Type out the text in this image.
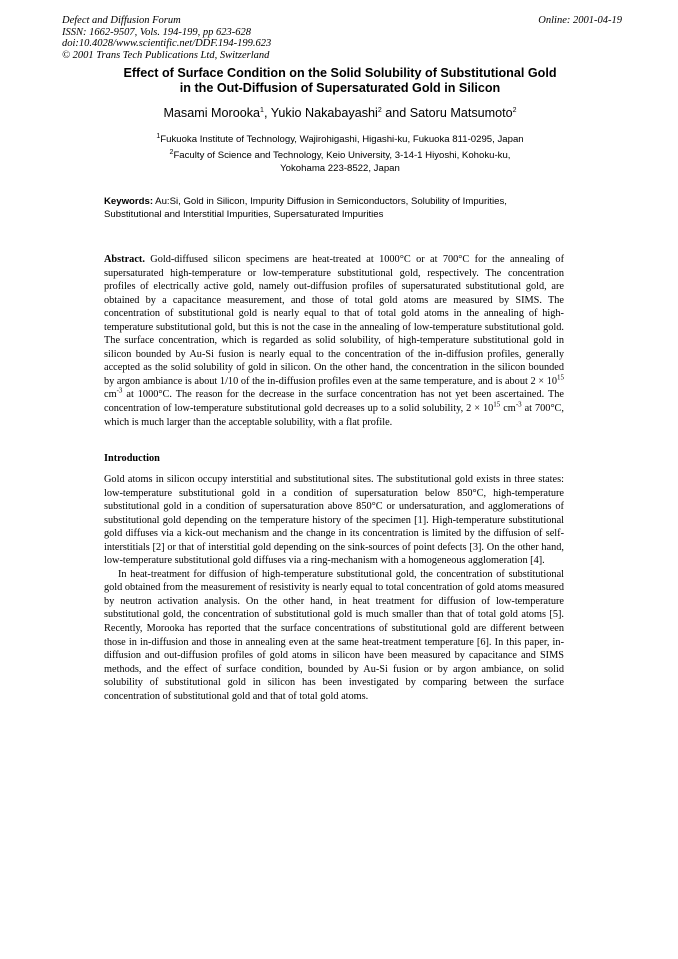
Defect and Diffusion Forum
ISSN: 1662-9507, Vols. 194-199, pp 623-628
doi:10.4028/www.scientific.net/DDF.194-199.623
© 2001 Trans Tech Publications Ltd, Switzerland
Online: 2001-04-19
Effect of Surface Condition on the Solid Solubility of Substitutional Gold
in the Out-Diffusion of Supersaturated Gold in Silicon
Masami Morooka$^1$, Yukio Nakabayashi$^2$ and Satoru Matsumoto$^2$
$^1$Fukuoka Institute of Technology, Wajirohigashi, Higashi-ku, Fukuoka 811-0295, Japan
$^2$Faculty of Science and Technology, Keio University, 3-14-1 Hiyoshi, Kohoku-ku,
Yokohama 223-8522, Japan
Keywords: Au:Si, Gold in Silicon, Impurity Diffusion in Semiconductors, Solubility of Impurities, Substitutional and Interstitial Impurities, Supersaturated Impurities
Abstract. Gold-diffused silicon specimens are heat-treated at 1000°C or at 700°C for the annealing of supersaturated high-temperature or low-temperature substitutional gold, respectively. The concentration profiles of electrically active gold, namely out-diffusion profiles of supersaturated substitutional gold, are obtained by a capacitance measurement, and those of total gold atoms are measured by SIMS. The concentration of substitutional gold is nearly equal to that of total gold atoms in the annealing of high-temperature substitutional gold, but this is not the case in the annealing of low-temperature substitutional gold. The surface concentration, which is regarded as solid solubility, of high-temperature substitutional gold in silicon bounded by Au-Si fusion is nearly equal to the concentration of the in-diffusion profiles, generally accepted as the solid solubility of gold in silicon. On the other hand, the concentration in the silicon bounded by argon ambiance is about 1/10 of the in-diffusion profiles even at the same temperature, and is about $2 \times 10^{15}$ $cm^{-3}$ at 1000°C. The reason for the decrease in the surface concentration has not yet been ascertained. The concentration of low-temperature substitutional gold decreases up to a solid solubility, $2 \times 10^{15}$ $cm^{-3}$ at 700°C, which is much larger than the acceptable solubility, with a flat profile.
Introduction

Gold atoms in silicon occupy interstitial and substitutional sites. The substitutional gold exists in three states: low-temperature substitutional gold in a condition of supersaturation below 850°C, high-temperature substitutional gold in a condition of supersaturation above 850°C or undersaturation, and agglomerations of substitutional gold depending on the temperature history of the specimen [1]. High-temperature substitutional gold diffuses via a kick-out mechanism and the change in its concentration is limited by the diffusion of self-interstitials [2] or that of interstitial gold depending on the sink-sources of point defects [3]. On the other hand, low-temperature substitutional gold diffuses via a ring-mechanism with a homogeneous agglomeration [4].

In heat-treatment for diffusion of high-temperature substitutional gold, the concentration of substitutional gold obtained from the measurement of resistivity is nearly equal to total concentration of gold atoms measured by neutron activation analysis. On the other hand, in heat treatment for diffusion of low-temperature substitutional gold, the concentration of substitutional gold is much smaller than that of total gold atoms [5]. Recently, Morooka has reported that the surface concentrations of substitutional gold are different between those in in-diffusion and those in annealing even at the same heat-treatment temperature [6]. In this paper, in-diffusion and out-diffusion profiles of gold atoms in silicon have been measured by capacitance and SIMS methods, and the effect of surface condition, bounded by Au-Si fusion or by argon ambiance, on solid solubility of substitutional gold in silicon has been investigated by comparing between the surface concentration of substitutional gold and that of total gold atoms.
